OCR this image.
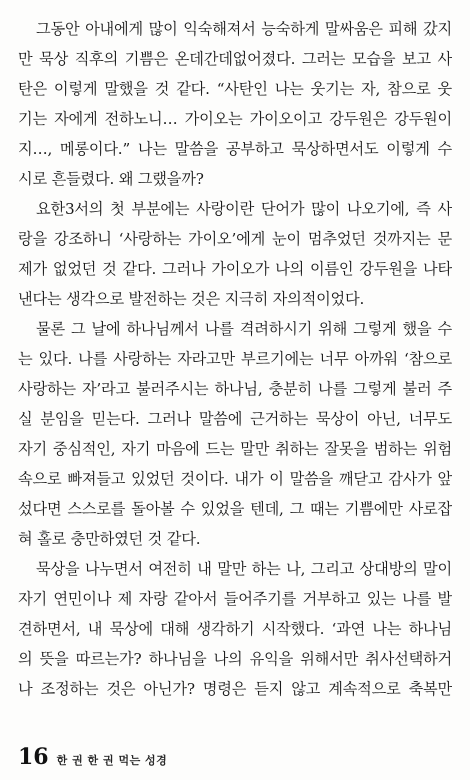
그동안 아내에게 많이 익숙해져서 능숙하게 말싸움은 피해 갔지
만 묵상 직후의 기쁨은 온데간데없어졌다. 그러는 모습을 보고 사
탄은 이렇게 말했을 것 같다. “사탄인 나는 웃기는 자, 참으로 웃
기는 자에게 전하노니… 가이오는 가이오이고 강두원은 강두원이
지…, 메롱이다.” 나는 말씀을 공부하고 묵상하면서도 이렇게 수
시로 흔들렸다. 왜 그랬을까?
요한3서의 첫 부분에는 사랑이란 단어가 많이 나오기에, 즉 사
랑을 강조하니 ‘사랑하는 가이오’에게 눈이 멈추었던 것까지는 문
제가 없었던 것 같다. 그러나 가이오가 나의 이름인 강두원을 나타
낸다는 생각으로 발전하는 것은 지극히 자의적이었다.
물론 그 날에 하나님께서 나를 격려하시기 위해 그렇게 했을 수
는 있다. 나를 사랑하는 자라고만 부르기에는 너무 아까워 ‘참으로
사랑하는 자’라고 불러주시는 하나님, 충분히 나를 그렇게 불러 주
실 분임을 믿는다. 그러나 말씀에 근거하는 묵상이 아닌, 너무도
자기 중심적인, 자기 마음에 드는 말만 취하는 잘못을 범하는 위험
속으로 빠져들고 있었던 것이다. 내가 이 말씀을 깨닫고 감사가 앞
섰다면 스스로를 돌아볼 수 있었을 텐데, 그 때는 기쁨에만 사로잡
혀 홀로 충만하였던 것 같다.
묵상을 나누면서 여전히 내 말만 하는 나, 그리고 상대방의 말이
자기 연민이나 제 자랑 같아서 들어주기를 거부하고 있는 나를 발
견하면서, 내 묵상에 대해 생각하기 시작했다. ‘과연 나는 하나님
의 뜻을 따르는가? 하나님을 나의 유익을 위해서만 취사선택하거
나 조정하는 것은 아닌가? 명령은 듣지 않고 계속적으로 축복만
16 한 권 한 권 먹는 성경
